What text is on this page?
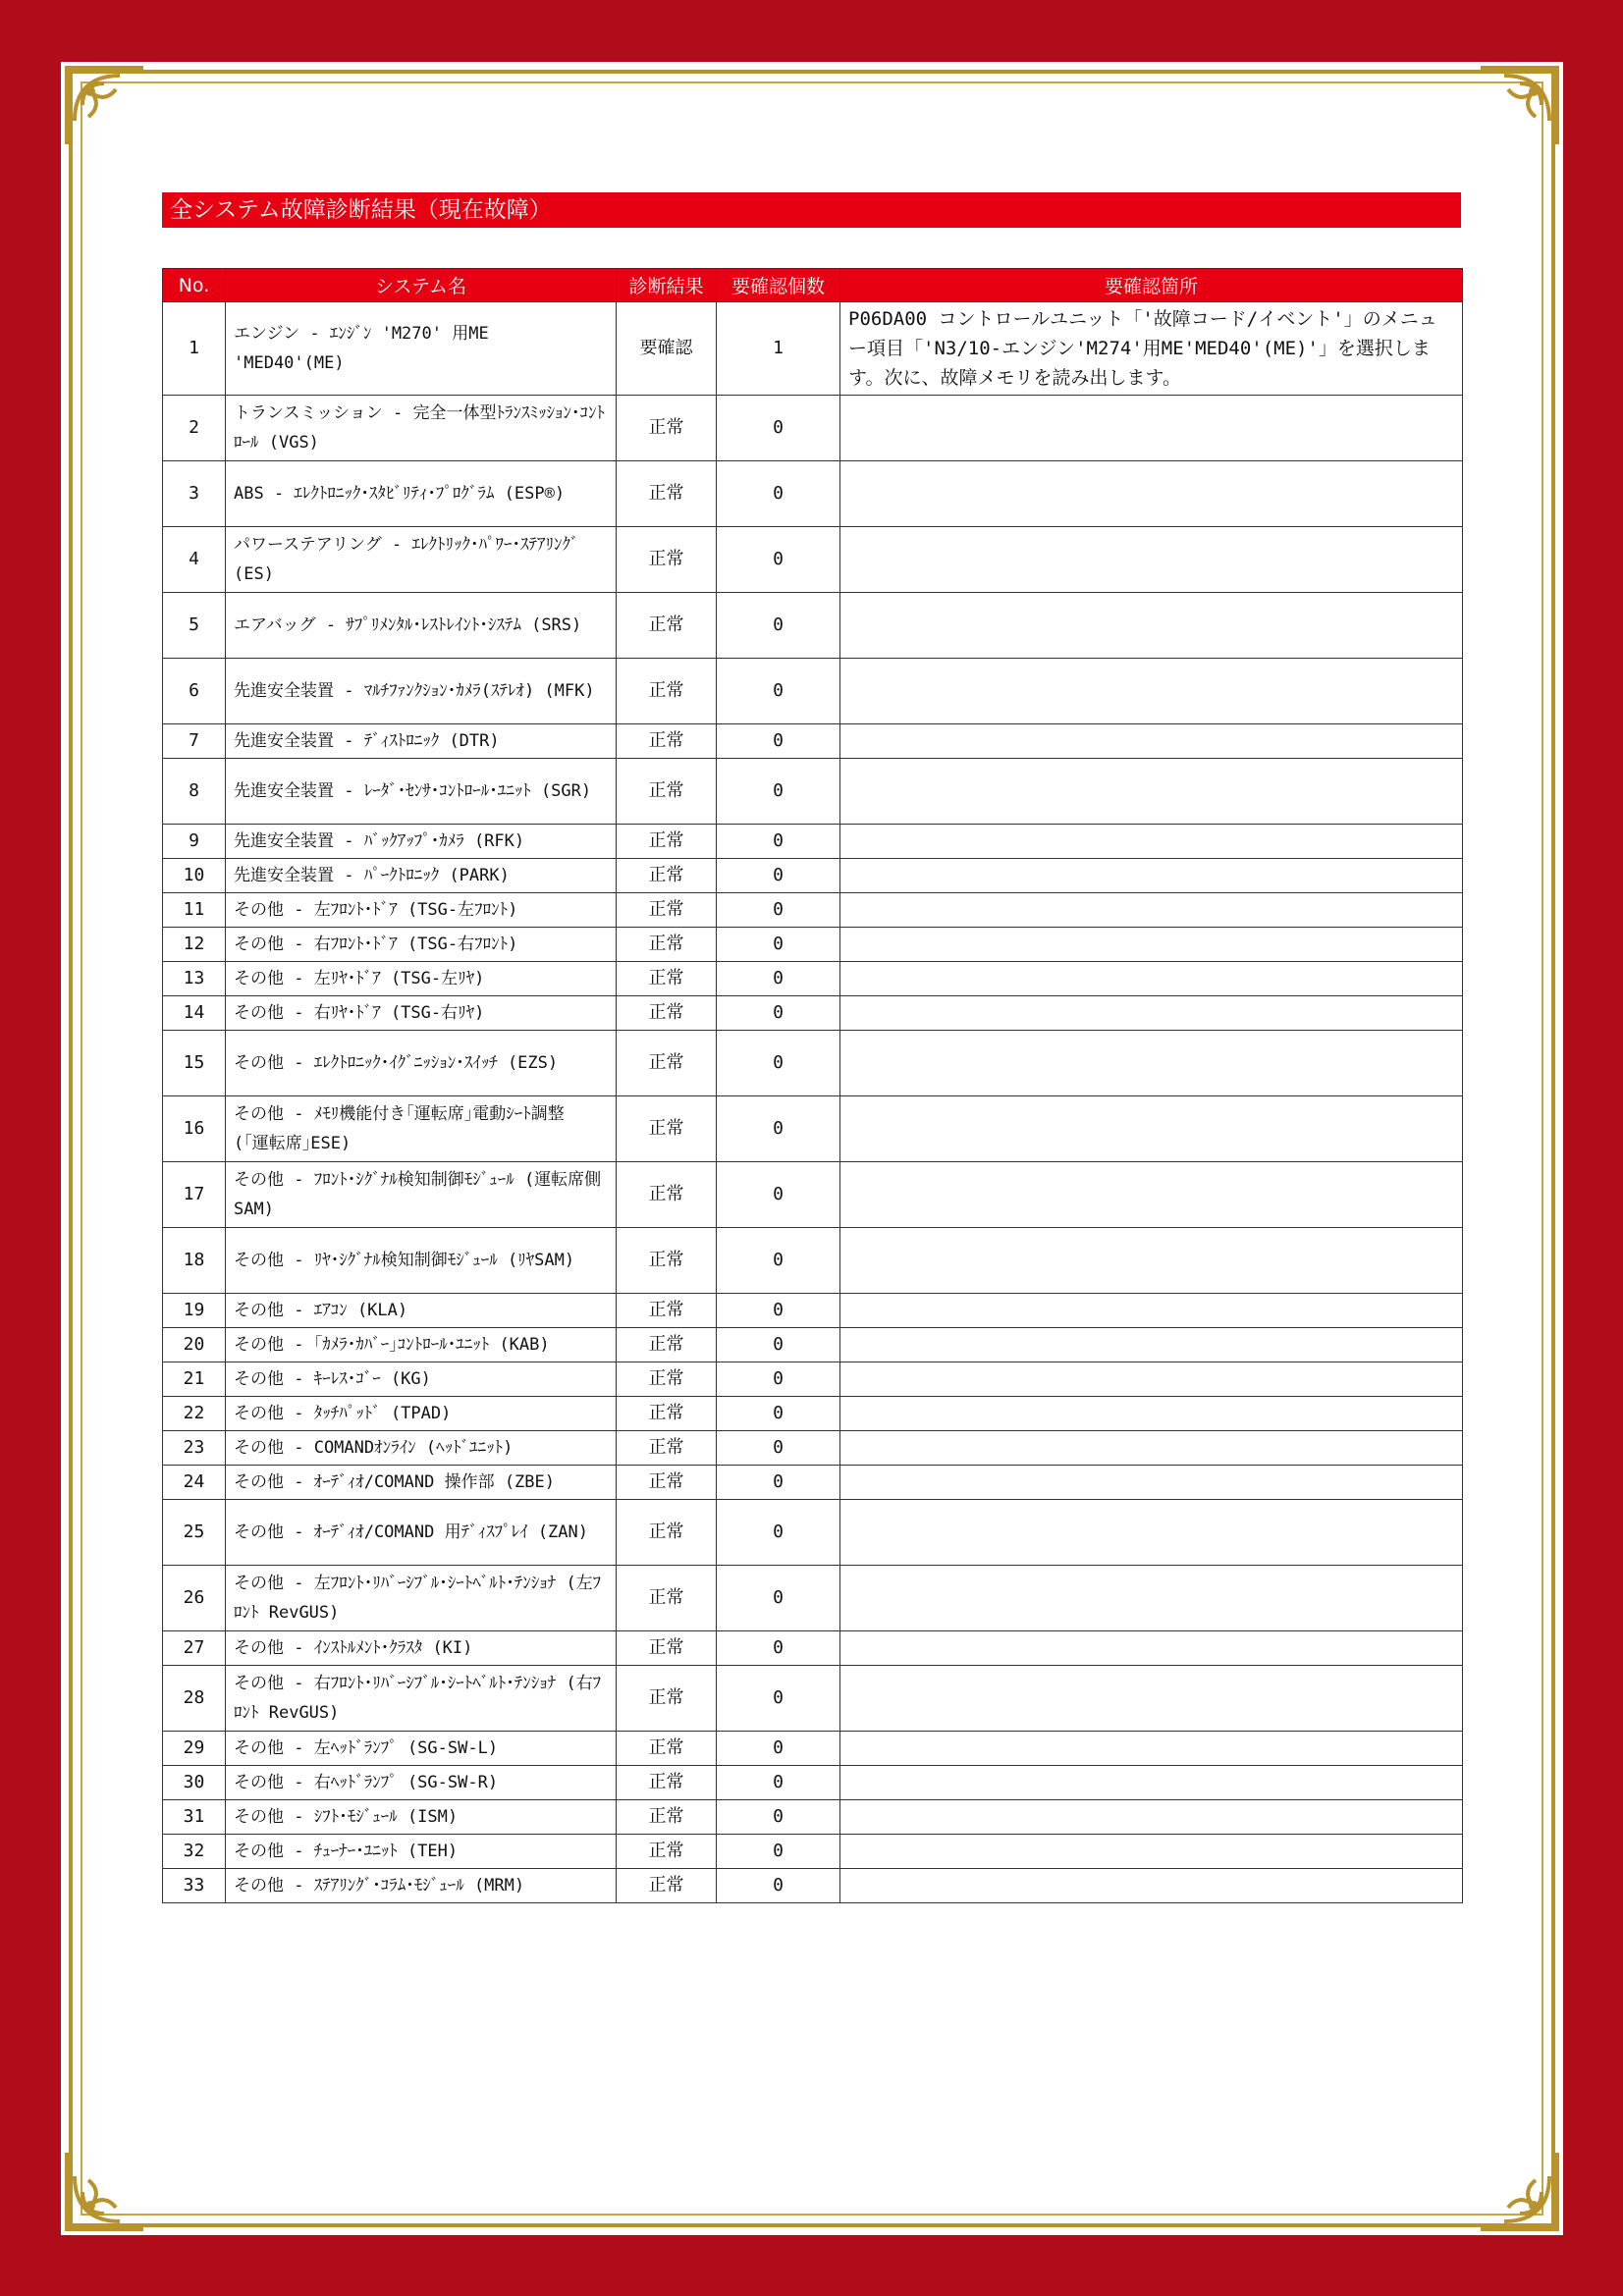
全システム故障診断結果（現在故障）
No.	システム名	診断結果	要確認個数	要確認箇所
1	エンジン - ｴﾝｼﾞﾝ 'M270' 用ME 'MED40'(ME)	要確認	1	P06DA00 コントロールユニット「'故障コード/イベント'」のメニュー項目「'N3/10-エンジン'M274'用ME'MED40'(ME)'」を選択します。次に、故障メモリを読み出します。
2	トランスミッション - 完全一体型ﾄﾗﾝｽﾐｯｼｮﾝ･ｺﾝﾄﾛｰﾙ (VGS)	正常	0	
3	ABS - ｴﾚｸﾄﾛﾆｯｸ･ｽﾀﾋﾞﾘﾃｨ･ﾌﾟﾛｸﾞﾗﾑ (ESP®)	正常	0	
4	パワーステアリング - ｴﾚｸﾄﾘｯｸ･ﾊﾟﾜｰ･ｽﾃｱﾘﾝｸﾞ (ES)	正常	0	
5	エアバッグ - ｻﾌﾟﾘﾒﾝﾀﾙ･ﾚｽﾄﾚｲﾝﾄ･ｼｽﾃﾑ (SRS)	正常	0	
6	先進安全装置 - ﾏﾙﾁﾌｧﾝｸｼｮﾝ･ｶﾒﾗ(ｽﾃﾚｵ) (MFK)	正常	0	
7	先進安全装置 - ﾃﾞｨｽﾄﾛﾆｯｸ (DTR)	正常	0	
8	先進安全装置 - ﾚｰﾀﾞ･ｾﾝｻ･ｺﾝﾄﾛｰﾙ･ﾕﾆｯﾄ (SGR)	正常	0	
9	先進安全装置 - ﾊﾞｯｸｱｯﾌﾟ･ｶﾒﾗ (RFK)	正常	0	
10	先進安全装置 - ﾊﾟｰｸﾄﾛﾆｯｸ (PARK)	正常	0	
11	その他 - 左ﾌﾛﾝﾄ･ﾄﾞｱ (TSG-左ﾌﾛﾝﾄ)	正常	0	
12	その他 - 右ﾌﾛﾝﾄ･ﾄﾞｱ (TSG-右ﾌﾛﾝﾄ)	正常	0	
13	その他 - 左ﾘﾔ･ﾄﾞｱ (TSG-左ﾘﾔ)	正常	0	
14	その他 - 右ﾘﾔ･ﾄﾞｱ (TSG-右ﾘﾔ)	正常	0	
15	その他 - ｴﾚｸﾄﾛﾆｯｸ･ｲｸﾞﾆｯｼｮﾝ･ｽｲｯﾁ (EZS)	正常	0	
16	その他 - ﾒﾓﾘ機能付き｢運転席｣電動ｼｰﾄ調整 (｢運転席｣ESE)	正常	0	
17	その他 - ﾌﾛﾝﾄ･ｼｸﾞﾅﾙ検知制御ﾓｼﾞｭｰﾙ (運転席側SAM)	正常	0	
18	その他 - ﾘﾔ･ｼｸﾞﾅﾙ検知制御ﾓｼﾞｭｰﾙ (ﾘﾔSAM)	正常	0	
19	その他 - ｴｱｺﾝ (KLA)	正常	0	
20	その他 - ｢ｶﾒﾗ･ｶﾊﾞｰ｣ｺﾝﾄﾛｰﾙ･ﾕﾆｯﾄ (KAB)	正常	0	
21	その他 - ｷｰﾚｽ･ｺﾞｰ (KG)	正常	0	
22	その他 - ﾀｯﾁﾊﾟｯﾄﾞ (TPAD)	正常	0	
23	その他 - COMANDｵﾝﾗｲﾝ (ﾍｯﾄﾞﾕﾆｯﾄ)	正常	0	
24	その他 - ｵｰﾃﾞｨｵ/COMAND 操作部 (ZBE)	正常	0	
25	その他 - ｵｰﾃﾞｨｵ/COMAND 用ﾃﾞｨｽﾌﾟﾚｲ (ZAN)	正常	0	
26	その他 - 左ﾌﾛﾝﾄ･ﾘﾊﾞｰｼﾌﾞﾙ･ｼｰﾄﾍﾞﾙﾄ･ﾃﾝｼｮﾅ (左ﾌﾛﾝﾄ RevGUS)	正常	0	
27	その他 - ｲﾝｽﾄﾙﾒﾝﾄ･ｸﾗｽﾀ (KI)	正常	0	
28	その他 - 右ﾌﾛﾝﾄ･ﾘﾊﾞｰｼﾌﾞﾙ･ｼｰﾄﾍﾞﾙﾄ･ﾃﾝｼｮﾅ (右ﾌﾛﾝﾄ RevGUS)	正常	0	
29	その他 - 左ﾍｯﾄﾞﾗﾝﾌﾟ (SG-SW-L)	正常	0	
30	その他 - 右ﾍｯﾄﾞﾗﾝﾌﾟ (SG-SW-R)	正常	0	
31	その他 - ｼﾌﾄ･ﾓｼﾞｭｰﾙ (ISM)	正常	0	
32	その他 - ﾁｭｰﾅｰ･ﾕﾆｯﾄ (TEH)	正常	0	
33	その他 - ｽﾃｱﾘﾝｸﾞ･ｺﾗﾑ･ﾓｼﾞｭｰﾙ (MRM)	正常	0	
